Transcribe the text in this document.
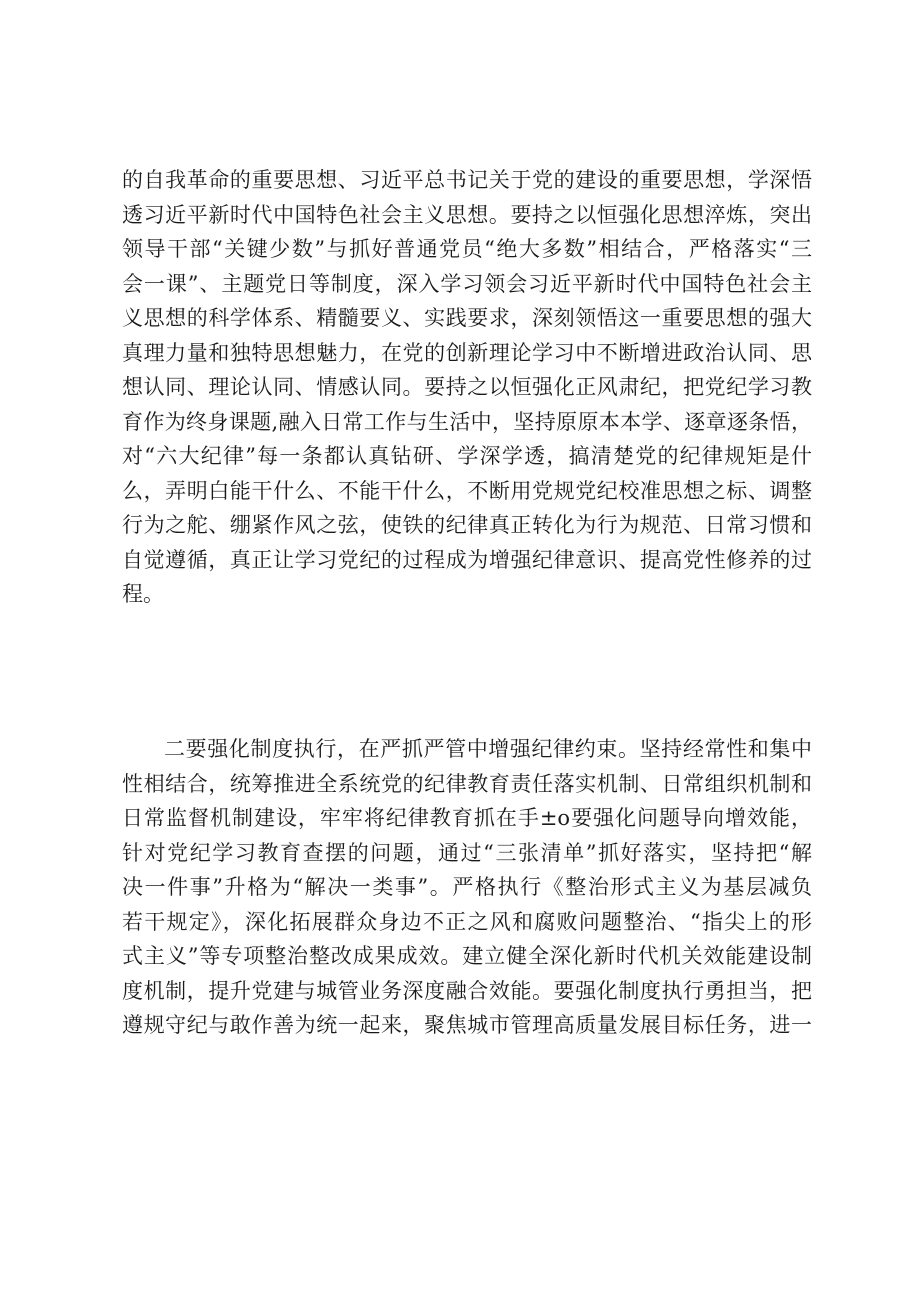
的自我革命的重要思想、习近平总书记关于党的建设的重要思想，学深悟
透习近平新时代中国特色社会主义思想。要持之以恒强化思想淬炼，突出
领导干部“关键少数”与抓好普通党员“绝大多数”相结合，严格落实“三
会一课”、主题党日等制度，深入学习领会习近平新时代中国特色社会主
义思想的科学体系、精髓要义、实践要求，深刻领悟这一重要思想的强大
真理力量和独特思想魅力，在党的创新理论学习中不断增进政治认同、思
想认同、理论认同、情感认同。要持之以恒强化正风肃纪，把党纪学习教
育作为终身课题,融入日常工作与生活中，坚持原原本本学、逐章逐条悟，
对“六大纪律”每一条都认真钻研、学深学透，搞清楚党的纪律规矩是什
么，弄明白能干什么、不能干什么，不断用党规党纪校准思想之标、调整
行为之舵、绷紧作风之弦，使铁的纪律真正转化为行为规范、日常习惯和
自觉遵循，真正让学习党纪的过程成为增强纪律意识、提高党性修养的过
程。
二要强化制度执行，在严抓严管中增强纪律约束。坚持经常性和集中
性相结合，统筹推进全系统党的纪律教育责任落实机制、日常组织机制和
日常监督机制建设，牢牢将纪律教育抓在手±o要强化问题导向增效能，
针对党纪学习教育查摆的问题，通过“三张清单”抓好落实，坚持把“解
决一件事”升格为“解决一类事”。严格执行《整治形式主义为基层减负
若干规定》，深化拓展群众身边不正之风和腐败问题整治、“指尖上的形
式主义”等专项整治整改成果成效。建立健全深化新时代机关效能建设制
度机制，提升党建与城管业务深度融合效能。要强化制度执行勇担当，把
遵规守纪与敢作善为统一起来，聚焦城市管理高质量发展目标任务，进一
